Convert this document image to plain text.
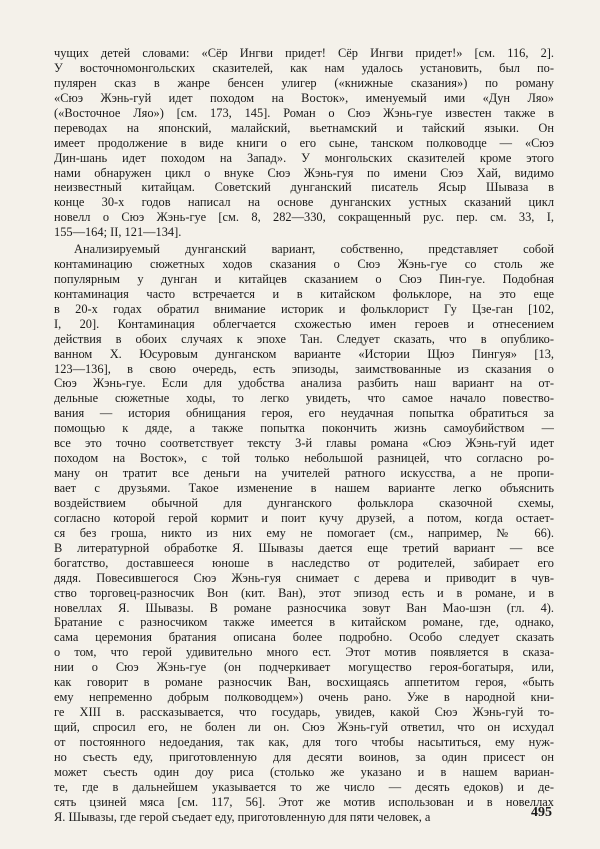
чущих детей словами: «Сёр Ингви придет! Сёр Ингви придет!» [см. 116, 2].
У восточномонгольских сказителей, как нам удалось установить, был по-
пулярен сказ в жанре бенсен улигер («книжные сказания») по роману
«Сюэ Жэнь-гуй идет походом на Восток», именуемый ими «Дун Ляо»
(«Восточное Ляо») [см. 173, 145]. Роман о Сюэ Жэнь-гуе известен также в
переводах на японский, малайский, вьетнамский и тайский языки. Он
имеет продолжение в виде книги о его сыне, танском полководце — «Сюэ
Дин-шань идет походом на Запад». У монгольских сказителей кроме этого
нами обнаружен цикл о внуке Сюэ Жэнь-гуя по имени Сюэ Хай, видимо
неизвестный китайцам. Советский дунганский писатель Ясыр Шываза в
конце 30-х годов написал на основе дунганских устных сказаний цикл
новелл о Сюэ Жэнь-гуе [см. 8, 282—330, сокращенный рус. пер. см. 33, I,
155—164; II, 121—134].
Анализируемый дунганский вариант, собственно, представляет собой
контаминацию сюжетных ходов сказания о Сюэ Жэнь-гуе со столь же
популярным у дунган и китайцев сказанием о Сюэ Пин-гуе. Подобная
контаминация часто встречается и в китайском фольклоре, на это еще
в 20-х годах обратил внимание историк и фольклорист Гу Цзе-ган [102,
I, 20]. Контаминация облегчается схожестью имен героев и отнесением
действия в обоих случаях к эпохе Тан. Следует сказать, что в опублико-
ванном Х. Юсуровым дунганском варианте «Истории Щюэ Пингуя» [13,
123—136], в свою очередь, есть эпизоды, заимствованные из сказания о
Сюэ Жэнь-гуе. Если для удобства анализа разбить наш вариант на от-
дельные сюжетные ходы, то легко увидеть, что самое начало повество-
вания — история обнищания героя, его неудачная попытка обратиться за
помощью к дяде, а также попытка покончить жизнь самоубийством —
все это точно соответствует тексту 3-й главы романа «Сюэ Жэнь-гуй идет
походом на Восток», с той только небольшой разницей, что согласно ро-
ману он тратит все деньги на учителей ратного искусства, а не пропи-
вает с друзьями. Такое изменение в нашем варианте легко объяснить
воздействием обычной для дунганского фольклора сказочной схемы,
согласно которой герой кормит и поит кучу друзей, а потом, когда остает-
ся без гроша, никто из них ему не помогает (см., например, № 66).
В литературной обработке Я. Шывазы дается еще третий вариант — все
богатство, доставшееся юноше в наследство от родителей, забирает его
дядя. Повесившегося Сюэ Жэнь-гуя снимает с дерева и приводит в чув-
ство торговец-разносчик Вон (кит. Ван), этот эпизод есть и в романе, и в
новеллах Я. Шывазы. В романе разносчика зовут Ван Мао-шэн (гл. 4).
Братание с разносчиком также имеется в китайском романе, где, однако,
сама церемония братания описана более подробно. Особо следует сказать
о том, что герой удивительно много ест. Этот мотив появляется в сказа-
нии о Сюэ Жэнь-гуе (он подчеркивает могущество героя-богатыря, или,
как говорит в романе разносчик Ван, восхищаясь аппетитом героя, «быть
ему непременно добрым полководцем») очень рано. Уже в народной кни-
ге XIII в. рассказывается, что государь, увидев, какой Сюэ Жэнь-гуй то-
щий, спросил его, не болен ли он. Сюэ Жэнь-гуй ответил, что он исхудал
от постоянного недоедания, так как, для того чтобы насытиться, ему нуж-
но съесть еду, приготовленную для десяти воинов, за один присест он
может съесть один доу риса (столько же указано и в нашем вариан-
те, где в дальнейшем указывается то же число — десять едоков) и де-
сять цзиней мяса [см. 117, 56]. Этот же мотив использован и в новеллах
Я. Шывазы, где герой съедает еду, приготовленную для пяти человек, а	495
